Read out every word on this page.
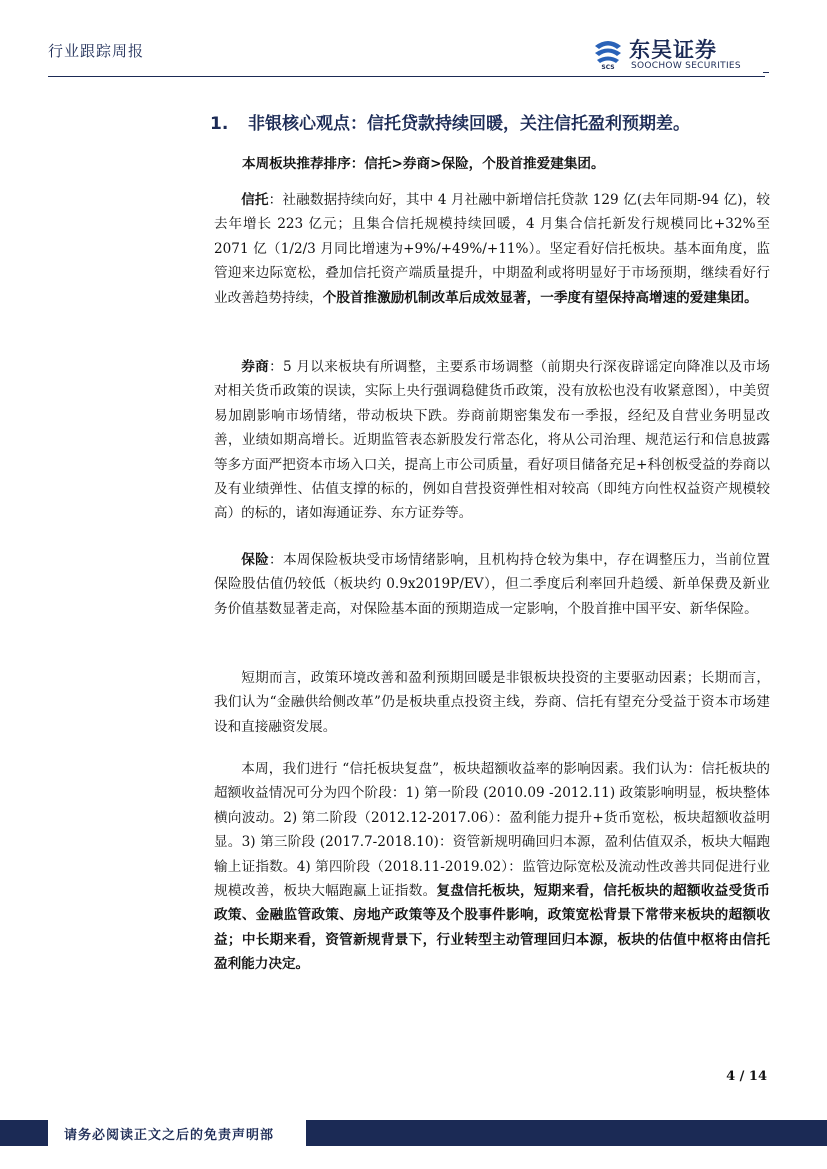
行业跟踪周报
SCS
东吴证券
SOOCHOW SECURITIES
1. 非银核心观点：信托贷款持续回暖，关注信托盈利预期差。
本周板块推荐排序：信托>券商>保险，个股首推爱建集团。
信托：社融数据持续向好，其中 4 月社融中新增信托贷款 129 亿(去年同期-94 亿)，较去年增长 223 亿元；且集合信托规模持续回暖，4 月集合信托新发行规模同比+32%至 2071 亿（1/2/3 月同比增速为+9%/+49%/+11%）。坚定看好信托板块。基本面角度，监管迎来边际宽松，叠加信托资产端质量提升，中期盈利或将明显好于市场预期，继续看好行业改善趋势持续，个股首推激励机制改革后成效显著，一季度有望保持高增速的爱建集团。
券商：5 月以来板块有所调整，主要系市场调整（前期央行深夜辟谣定向降准以及市场对相关货币政策的误读，实际上央行强调稳健货币政策，没有放松也没有收紧意图），中美贸易加剧影响市场情绪，带动板块下跌。券商前期密集发布一季报，经纪及自营业务明显改善，业绩如期高增长。近期监管表态新股发行常态化，将从公司治理、规范运行和信息披露等多方面严把资本市场入口关，提高上市公司质量，看好项目储备充足+科创板受益的券商以及有业绩弹性、估值支撑的标的，例如自营投资弹性相对较高（即纯方向性权益资产规模较高）的标的，诸如海通证券、东方证券等。
保险：本周保险板块受市场情绪影响，且机构持仓较为集中，存在调整压力，当前位置保险股估值仍较低（板块约 0.9x2019P/EV），但二季度后利率回升趋缓、新单保费及新业务价值基数显著走高，对保险基本面的预期造成一定影响，个股首推中国平安、新华保险。
短期而言，政策环境改善和盈利预期回暖是非银板块投资的主要驱动因素；长期而言，我们认为“金融供给侧改革”仍是板块重点投资主线，券商、信托有望充分受益于资本市场建设和直接融资发展。
本周，我们进行 “信托板块复盘”，板块超额收益率的影响因素。我们认为：信托板块的超额收益情况可分为四个阶段：1) 第一阶段 (2010.09 -2012.11) 政策影响明显，板块整体横向波动。2) 第二阶段（2012.12-2017.06）：盈利能力提升+货币宽松，板块超额收益明显。3) 第三阶段 (2017.7-2018.10)：资管新规明确回归本源，盈利估值双杀，板块大幅跑输上证指数。4) 第四阶段（2018.11-2019.02）：监管边际宽松及流动性改善共同促进行业规模改善，板块大幅跑赢上证指数。复盘信托板块，短期来看，信托板块的超额收益受货币政策、金融监管政策、房地产政策等及个股事件影响，政策宽松背景下常带来板块的超额收益；中长期来看，资管新规背景下，行业转型主动管理回归本源，板块的估值中枢将由信托盈利能力决定。
4 / 14
请务必阅读正文之后的免责声明部
